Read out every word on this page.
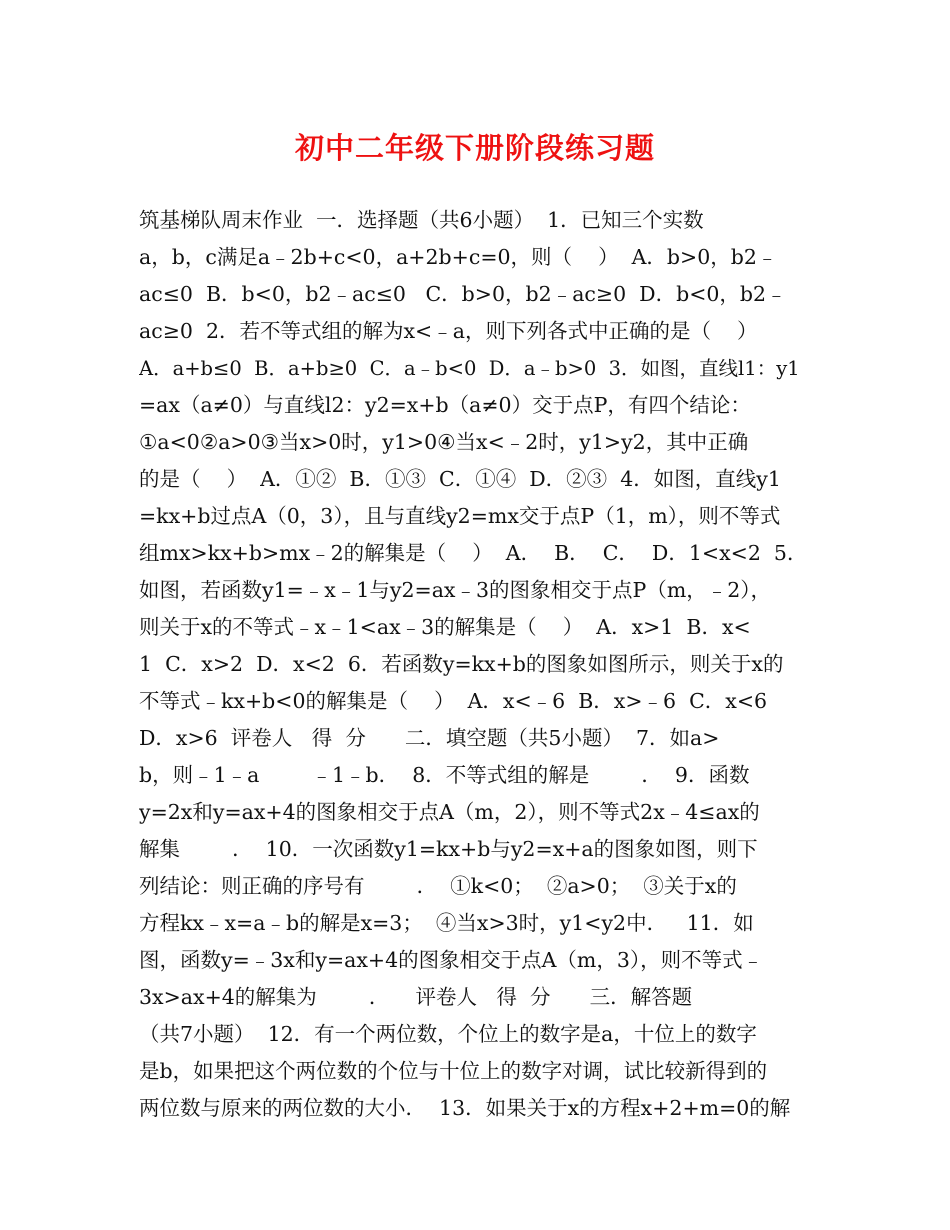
初中二年级下册阶段练习题
筑基梯队周末作业  一．选择题（共6小题）  1．已知三个实数
a，b，c满足a﹣2b+c<0，a+2b+c=0，则（    ）  A．b>0，b2﹣
ac≤0  B．b<0，b2﹣ac≤0   C．b>0，b2﹣ac≥0  D．b<0，b2﹣
ac≥0  2．若不等式组的解为x<﹣a，则下列各式中正确的是（    ）
A．a+b≤0  B．a+b≥0  C．a﹣b<0  D．a﹣b>0  3．如图，直线l1：y1
=ax（a≠0）与直线l2：y2=x+b（a≠0）交于点P，有四个结论：
①a<0②a>0③当x>0时，y1>0④当x<﹣2时，y1>y2，其中正确
的是（    ）  A．①②  B．①③  C．①④  D．②③  4．如图，直线y1
=kx+b过点A（0，3），且与直线y2=mx交于点P（1，m），则不等式
组mx>kx+b>mx﹣2的解集是（    ）  A．  B．  C．  D．1<x<2  5．
如图，若函数y1=﹣x﹣1与y2=ax﹣3的图象相交于点P（m，﹣2），
则关于x的不等式﹣x﹣1<ax﹣3的解集是（    ）  A．x>1  B．x<
1  C．x>2  D．x<2  6．若函数y=kx+b的图象如图所示，则关于x的
不等式﹣kx+b<0的解集是（    ）  A．x<﹣6  B．x>﹣6  C．x<6
D．x>6  评卷人   得  分      二．填空题（共5小题）  7．如a>
b，则﹣1﹣a        ﹣1﹣b．  8．不等式组的解是        ．  9．函数
y=2x和y=ax+4的图象相交于点A（m，2），则不等式2x﹣4≤ax的
解集        ．  10．一次函数y1=kx+b与y2=x+a的图象如图，则下
列结论：则正确的序号有        ．  ①k<0；  ②a>0；  ③关于x的
方程kx﹣x=a﹣b的解是x=3；  ④当x>3时，y1<y2中．   11．如
图，函数y=﹣3x和y=ax+4的图象相交于点A（m，3），则不等式﹣
3x>ax+4的解集为        ．    评卷人   得  分      三．解答题
（共7小题）  12．有一个两位数，个位上的数字是a，十位上的数字
是b，如果把这个两位数的个位与十位上的数字对调，试比较新得到的
两位数与原来的两位数的大小．  13．如果关于x的方程x+2+m=0的解
